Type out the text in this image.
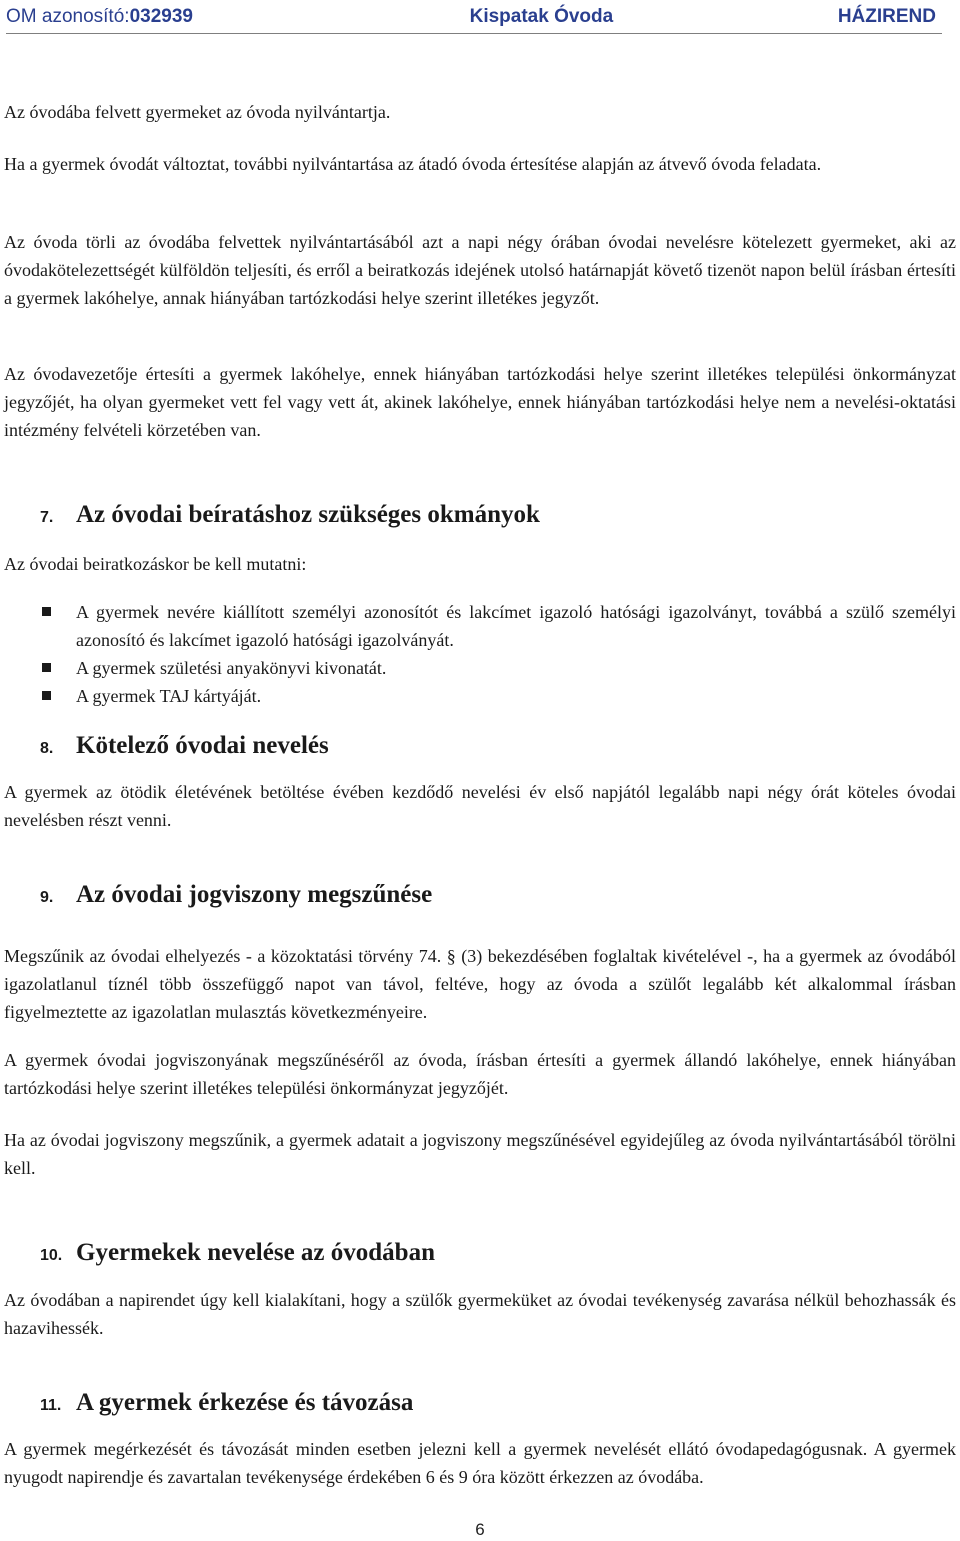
OM azonosító:032939	Kispatak Óvoda	HÁZIREND

Az óvodába felvett gyermeket az óvoda nyilvántartja.

Ha a gyermek óvodát változtat, további nyilvántartása az átadó óvoda értesítése alapján az átvevő óvoda feladata.

Az óvoda törli az óvodába felvettek nyilvántartásából azt a napi négy órában óvodai nevelésre kötelezett gyermeket, aki az óvodakötelezettségét külföldön teljesíti, és erről a beiratkozás idejének utolsó határnapját követő tizenöt napon belül írásban értesíti a gyermek lakóhelye, annak hiányában tartózkodási helye szerint illetékes jegyzőt.

Az óvodavezetője értesíti a gyermek lakóhelye, ennek hiányában tartózkodási helye szerint illetékes települési önkormányzat jegyzőjét, ha olyan gyermeket vett fel vagy vett át, akinek lakóhelye, ennek hiányában tartózkodási helye nem a nevelési-oktatási intézmény felvételi körzetében van.

7. Az óvodai beíratáshoz szükséges okmányok

Az óvodai beiratkozáskor be kell mutatni:

A gyermek nevére kiállított személyi azonosítót és lakcímet igazoló hatósági igazolványt, továbbá a szülő személyi azonosító és lakcímet igazoló hatósági igazolványát.
A gyermek születési anyakönyvi kivonatát.
A gyermek TAJ kártyáját.
8. Kötelező óvodai nevelés

A gyermek az ötödik életévének betöltése évében kezdődő nevelési év első napjától legalább napi négy órát köteles óvodai nevelésben részt venni.

9. Az óvodai jogviszony megszűnése

Megszűnik az óvodai elhelyezés - a közoktatási törvény 74. § (3) bekezdésében foglaltak kivételével -, ha a gyermek az óvodából igazolatlanul tíznél több összefüggő napot van távol, feltéve, hogy az óvoda a szülőt legalább két alkalommal írásban figyelmeztette az igazolatlan mulasztás következményeire.

A gyermek óvodai jogviszonyának megszűnéséről az óvoda, írásban értesíti a gyermek állandó lakóhelye, ennek hiányában tartózkodási helye szerint illetékes települési önkormányzat jegyzőjét.

Ha az óvodai jogviszony megszűnik, a gyermek adatait a jogviszony megszűnésével egyidejűleg az óvoda nyilvántartásából törölni kell.

10. Gyermekek nevelése az óvodában

Az óvodában a napirendet úgy kell kialakítani, hogy a szülők gyermeküket az óvodai tevékenység zavarása nélkül behozhassák és hazavihessék.

11. A gyermek érkezése és távozása

A gyermek megérkezését és távozását minden esetben jelezni kell a gyermek nevelését ellátó óvodapedagógusnak. A gyermek nyugodt napirendje és zavartalan tevékenysége érdekében 6 és 9 óra között érkezzen az óvodába.

6
